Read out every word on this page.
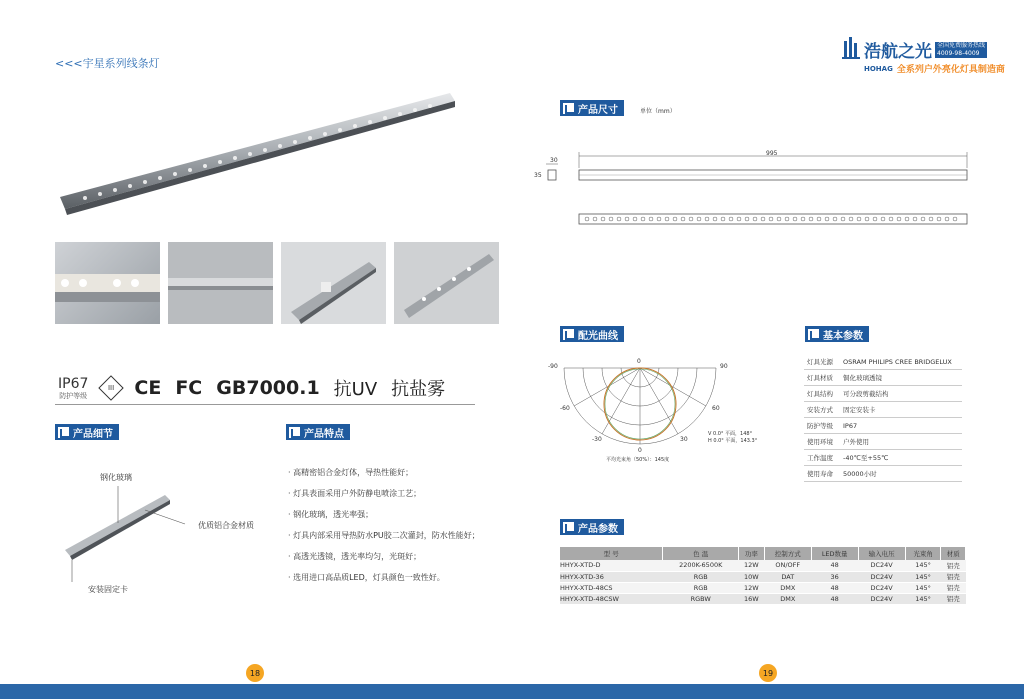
<<<宇星系列线条灯
IP67
防护等级
III CE FC GB7000.1 抗UV 抗盐雾
产品细节
钢化玻璃
优质铝合金材质
安装固定卡
产品特点
· 高精密铝合金灯体，导热性能好；
· 灯具表面采用户外防静电喷涂工艺；
· 钢化玻璃，透光率强；
· 灯具内部采用导热防水PU胶二次灌封，防水性能好；
· 高透光透镜，透光率均匀，光斑好；
· 选用进口高品质LED，灯具颜色一致性好。
18
浩航之光 全国免费服务热线
4009-98-4009
HOHAG 全系列户外亮化灯具制造商
产品尺寸	单位（mm）
995
30
35
配光曲线
0
-90	90
-60	60
-30	30
0
V 0.0° 平面，148°
H 0.0° 平面，143.3°
平均光束角（50%）：145度
基本参数
灯具光源	OSRAM PHILIPS CREE BRIDGELUX
灯具材质	铜化玻璃透镜
灯具结构	可分段剪截结构
安装方式	固定安装卡
防护等级	IP67
使用环境	户外使用
工作温度	-40℃至+55℃
使用寿命	50000小时
产品参数
型 号	色 温	功率	控制方式	LED数量	输入电压	光束角	材质
HHYX-XTD-D	2200K-6500K	12W	ON/OFF	48	DC24V	145°	铝壳
HHYX-XTD-36	RGB	10W	DAT	36	DC24V	145°	铝壳
HHYX-XTD-48CS	RGB	12W	DMX	48	DC24V	145°	铝壳
HHYX-XTD-48CSW	RGBW	16W	DMX	48	DC24V	145°	铝壳
19
